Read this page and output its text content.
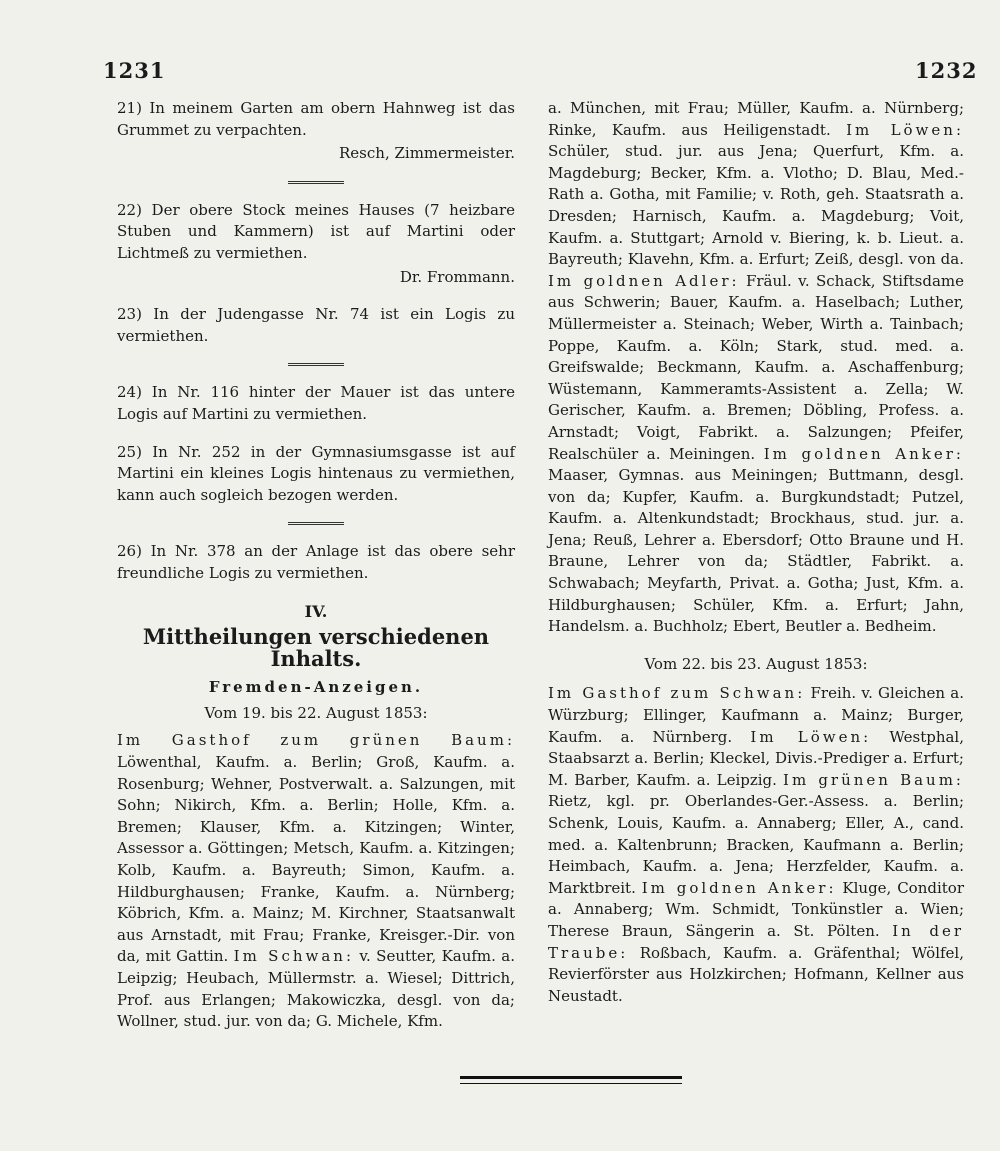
1231	1232

21) In meinem Garten am obern Hahnweg ist das Grummet zu verpachten.

Resch, Zimmermeister.

22) Der obere Stock meines Hauses (7 heizbare Stuben und Kammern) ist auf Martini oder Lichtmeß zu vermiethen.

Dr. Frommann.

23) In der Judengasse Nr. 74 ist ein Logis zu vermiethen.

24) In Nr. 116 hinter der Mauer ist das untere Logis auf Martini zu vermiethen.

25) In Nr. 252 in der Gymnasiumsgasse ist auf Martini ein kleines Logis hintenaus zu vermiethen, kann auch sogleich bezogen werden.

26) In Nr. 378 an der Anlage ist das obere sehr freundliche Logis zu vermiethen.

IV.
Mittheilungen verschiedenen Inhalts.
Fremden-Anzeigen.
Vom 19. bis 22. August 1853:

Im Gasthof zum grünen Baum: Löwenthal, Kaufm. a. Berlin; Groß, Kaufm. a. Rosenburg; Wehner, Postverwalt. a. Salzungen, mit Sohn; Nikirch, Kfm. a. Berlin; Holle, Kfm. a. Bremen; Klauser, Kfm. a. Kitzingen; Winter, Assessor a. Göttingen; Metsch, Kaufm. a. Kitzingen; Kolb, Kaufm. a. Bayreuth; Simon, Kaufm. a. Hildburghausen; Franke, Kaufm. a. Nürnberg; Köbrich, Kfm. a. Mainz; M. Kirchner, Staatsanwalt aus Arnstadt, mit Frau; Franke, Kreisger.-Dir. von da, mit Gattin. Im Schwan: v. Seutter, Kaufm. a. Leipzig; Heubach, Müllermstr. a. Wiesel; Dittrich, Prof. aus Erlangen; Makowiczka, desgl. von da; Wollner, stud. jur. von da; G. Michele, Kfm.

a. München, mit Frau; Müller, Kaufm. a. Nürnberg; Rinke, Kaufm. aus Heiligenstadt. Im Löwen: Schüler, stud. jur. aus Jena; Querfurt, Kfm. a. Magdeburg; Becker, Kfm. a. Vlotho; D. Blau, Med.-Rath a. Gotha, mit Familie; v. Roth, geh. Staatsrath a. Dresden; Harnisch, Kaufm. a. Magdeburg; Voit, Kaufm. a. Stuttgart; Arnold v. Biering, k. b. Lieut. a. Bayreuth; Klavehn, Kfm. a. Erfurt; Zeiß, desgl. von da. Im goldnen Adler: Fräul. v. Schack, Stiftsdame aus Schwerin; Bauer, Kaufm. a. Haselbach; Luther, Müllermeister a. Steinach; Weber, Wirth a. Tainbach; Poppe, Kaufm. a. Köln; Stark, stud. med. a. Greifswalde; Beckmann, Kaufm. a. Aschaffenburg; Wüstemann, Kammeramts-Assistent a. Zella; W. Gerischer, Kaufm. a. Bremen; Döbling, Profess. a. Arnstadt; Voigt, Fabrikt. a. Salzungen; Pfeifer, Realschüler a. Meiningen. Im goldnen Anker: Maaser, Gymnas. aus Meiningen; Buttmann, desgl. von da; Kupfer, Kaufm. a. Burgkundstadt; Putzel, Kaufm. a. Altenkundstadt; Brockhaus, stud. jur. a. Jena; Reuß, Lehrer a. Ebersdorf; Otto Braune und H. Braune, Lehrer von da; Städtler, Fabrikt. a. Schwabach; Meyfarth, Privat. a. Gotha; Just, Kfm. a. Hildburghausen; Schüler, Kfm. a. Erfurt; Jahn, Handelsm. a. Buchholz; Ebert, Beutler a. Bedheim.

Vom 22. bis 23. August 1853:

Im Gasthof zum Schwan: Freih. v. Gleichen a. Würzburg; Ellinger, Kaufmann a. Mainz; Burger, Kaufm. a. Nürnberg. Im Löwen: Westphal, Staabsarzt a. Berlin; Kleckel, Divis.-Prediger a. Erfurt; M. Barber, Kaufm. a. Leipzig. Im grünen Baum: Rietz, kgl. pr. Oberlandes-Ger.-Assess. a. Berlin; Schenk, Louis, Kaufm. a. Annaberg; Eller, A., cand. med. a. Kaltenbrunn; Bracken, Kaufmann a. Berlin; Heimbach, Kaufm. a. Jena; Herzfelder, Kaufm. a. Marktbreit. Im goldnen Anker: Kluge, Conditor a. Annaberg; Wm. Schmidt, Tonkünstler a. Wien; Therese Braun, Sängerin a. St. Pölten. In der Traube: Roßbach, Kaufm. a. Gräfenthal; Wölfel, Revierförster aus Holzkirchen; Hofmann, Kellner aus Neustadt.
